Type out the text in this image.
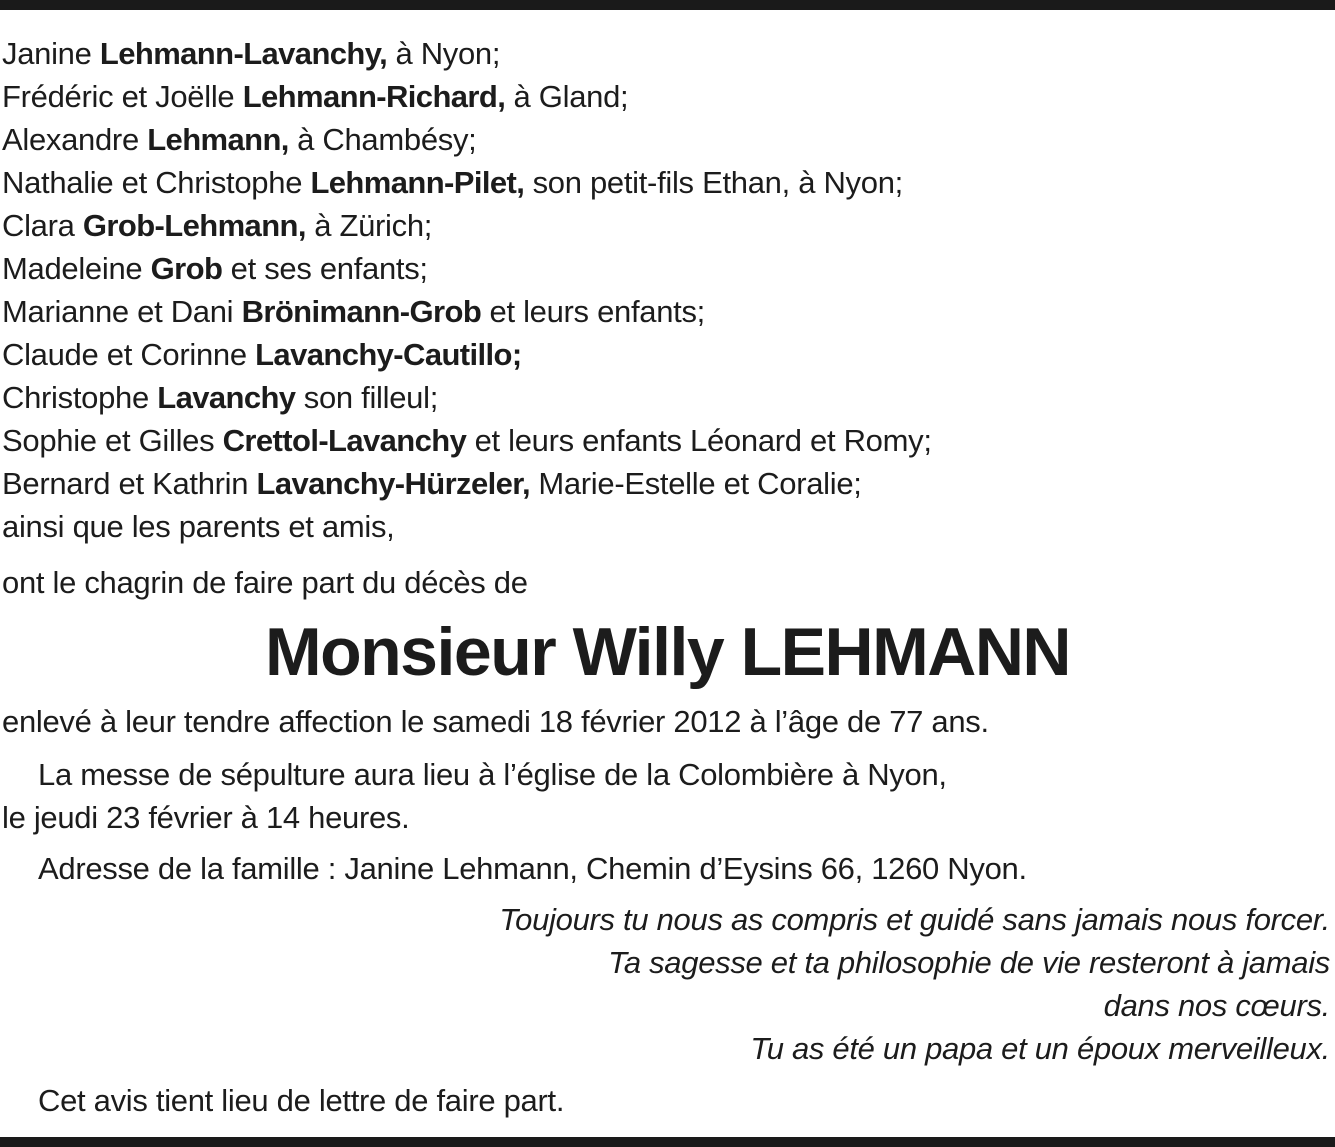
Janine Lehmann-Lavanchy, à Nyon;
Frédéric et Joëlle Lehmann-Richard, à Gland;
Alexandre Lehmann, à Chambésy;
Nathalie et Christophe Lehmann-Pilet, son petit-fils Ethan, à Nyon;
Clara Grob-Lehmann, à Zürich;
Madeleine Grob et ses enfants;
Marianne et Dani Brönimann-Grob et leurs enfants;
Claude et Corinne Lavanchy-Cautillo;
Christophe Lavanchy son filleul;
Sophie et Gilles Crettol-Lavanchy et leurs enfants Léonard et Romy;
Bernard et Kathrin Lavanchy-Hürzeler, Marie-Estelle et Coralie;
ainsi que les parents et amis,
ont le chagrin de faire part du décès de
Monsieur Willy LEHMANN
enlevé à leur tendre affection le samedi 18 février 2012 à l’âge de 77 ans.
La messe de sépulture aura lieu à l’église de la Colombière à Nyon,
le jeudi 23 février à 14 heures.
Adresse de la famille : Janine Lehmann, Chemin d’Eysins 66, 1260 Nyon.
Toujours tu nous as compris et guidé sans jamais nous forcer.
Ta sagesse et ta philosophie de vie resteront à jamais
dans nos cœurs.
Tu as été un papa et un époux merveilleux.
Cet avis tient lieu de lettre de faire part.
